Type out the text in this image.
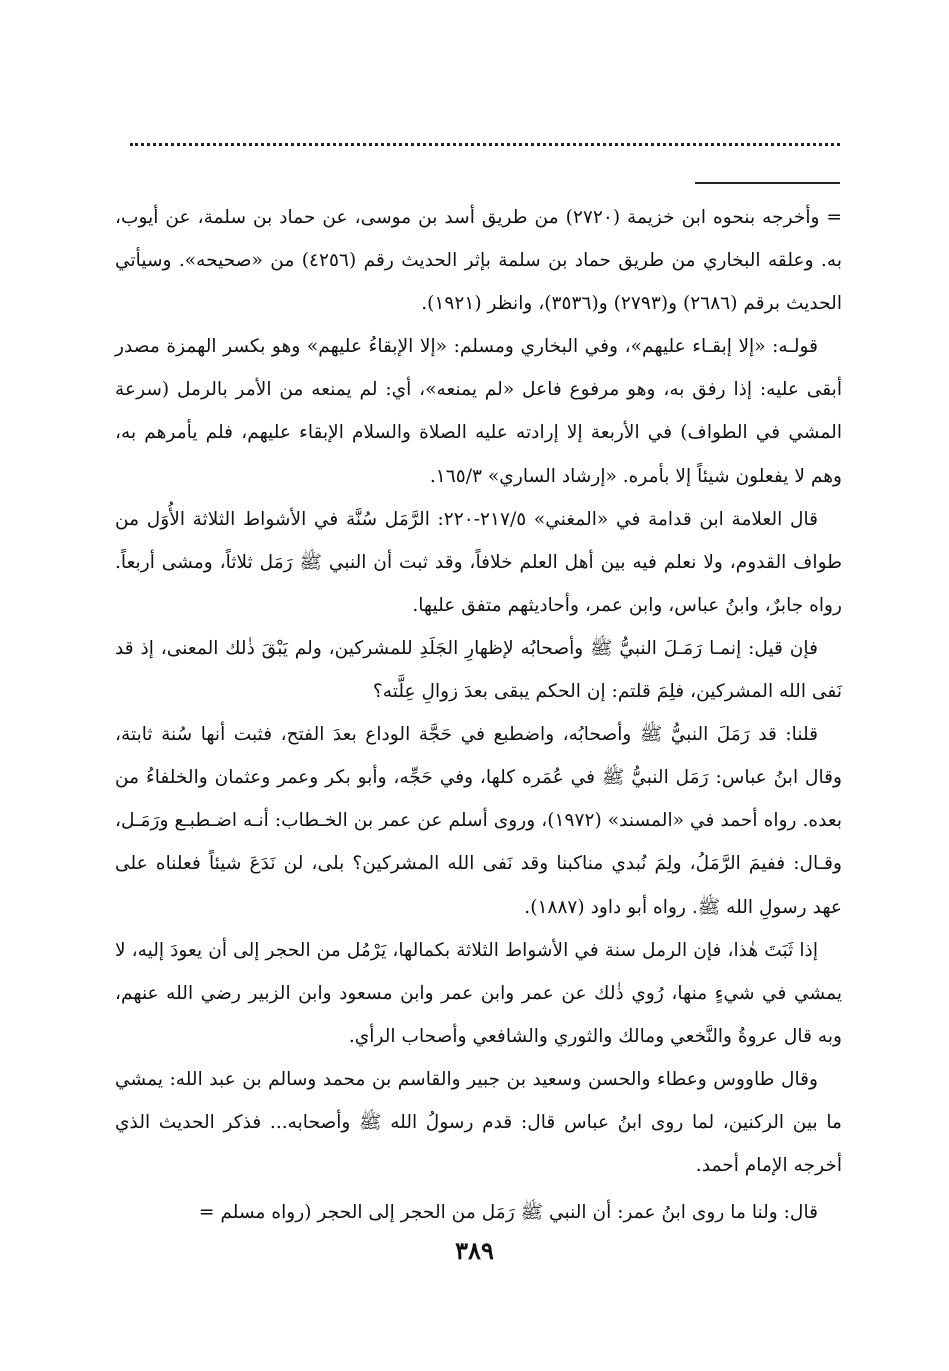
= وأخرجه بنحوه ابن خزيمة (٢٧٢٠) من طريق أسد بن موسى، عن حماد بن سلمة، عن أيوب، به. وعلقه البخاري من طريق حماد بن سلمة بإثر الحديث رقم (٤٢٥٦) من «صحيحه». وسيأتي الحديث برقم (٢٦٨٦) و(٢٧٩٣) و(٣٥٣٦)، وانظر (١٩٢١).

قولـه: «إلا إبقـاء عليهم»، وفي البخاري ومسلم: «إلا الإبقاءُ عليهم» وهو بكسر الهمزة مصدر أبقى عليه: إذا رفق به، وهو مرفوع فاعل «لم يمنعه»، أي: لم يمنعه من الأمر بالرمل (سرعة المشي في الطواف) في الأربعة إلا إرادته عليه الصلاة والسلام الإبقاء عليهم، فلم يأمرهم به، وهم لا يفعلون شيئاً إلا بأمره. «إرشاد الساري» ١٦٥/٣.

قال العلامة ابن قدامة في «المغني» ٢١٧/٥-٢٢٠: الرَّمَل سُنَّة في الأشواط الثلاثة الأُوَل من طواف القدوم، ولا نعلم فيه بين أهل العلم خلافاً، وقد ثبت أن النبي ﷺ رَمَل ثلاثاً، ومشى أربعاً. رواه جابرٌ، وابنُ عباس، وابن عمر، وأحاديثهم متفق عليها.

فإن قيل: إنمـا رَمَـلَ النبيُّ ﷺ وأصحابُه لإظهارِ الجَلَدِ للمشركين، ولم يَبْقَ ذٰلك المعنى، إذ قد نَفى الله المشركين، فلِمَ قلتم: إن الحكم يبقى بعدَ زوالِ عِلَّته؟

قلنا: قد رَمَلَ النبيُّ ﷺ وأصحابُه، واضطبع في حَجَّة الوداع بعدَ الفتح، فثبت أنها سُنة ثابتة، وقال ابنُ عباس: رَمَل النبيُّ ﷺ في عُمَره كلها، وفي حَجِّه، وأبو بكر وعمر وعثمان والخلفاءُ من بعده. رواه أحمد في «المسند» (١٩٧٢)، وروى أسلم عن عمر بن الخـطاب: أنـه اضـطبـع ورَمَـل، وقـال: ففيمَ الرَّمَلُ، ولِمَ نُبدي مناكبنا وقد نَفى الله المشركين؟ بلى، لن نَدَعَ شيئاً فعلناه على عهد رسولِ الله ﷺ. رواه أبو داود (١٨٨٧).

إذا ثَبَتَ هٰذا، فإن الرمل سنة في الأشواط الثلاثة بكمالها، يَرْمُل من الحجر إلى أن يعودَ إليه، لا يمشي في شيءٍ منها، رُوي ذٰلك عن عمر وابن عمر وابن مسعود وابن الزبير رضي الله عنهم، وبه قال عروةُ والنَّخعي ومالك والثوري والشافعي وأصحاب الرأي.

وقال طاووس وعطاء والحسن وسعيد بن جبير والقاسم بن محمد وسالم بن عبد الله: يمشي ما بين الركنين، لما روى ابنُ عباس قال: قدم رسولُ الله ﷺ وأصحابه... فذكر الحديث الذي أخرجه الإمام أحمد.

قال: ولنا ما روى ابنُ عمر: أن النبي ﷺ رَمَل من الحجر إلى الحجر (رواه مسلم =

٣٨٩
